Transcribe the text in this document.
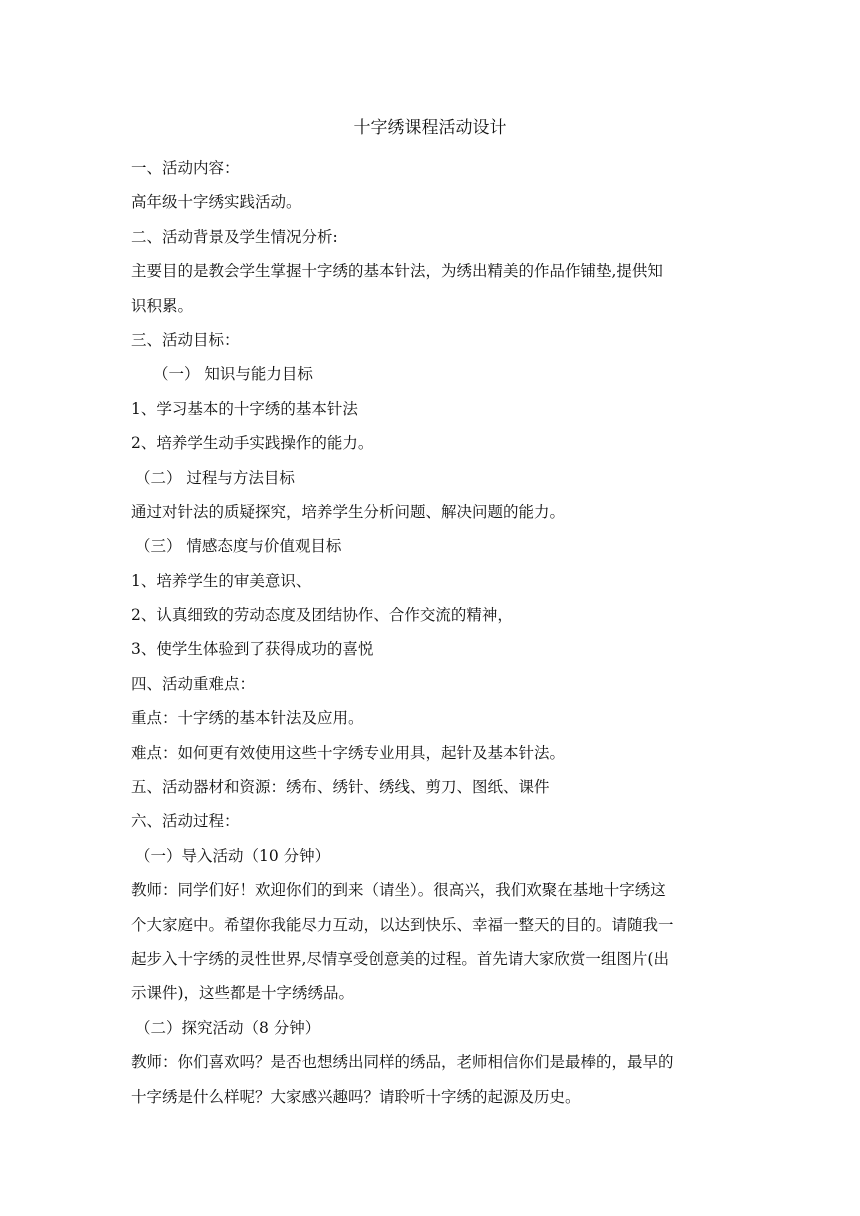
十字绣课程活动设计
一、活动内容：
高年级十字绣实践活动。
二、活动背景及学生情况分析:
主要目的是教会学生掌握十字绣的基本针法，为绣出精美的作品作铺垫,提供知
识积累。
三、活动目标：
（一） 知识与能力目标
1、学习基本的十字绣的基本针法
2、培养学生动手实践操作的能力。
（二） 过程与方法目标
通过对针法的质疑探究，培养学生分析问题、解决问题的能力。
（三） 情感态度与价值观目标
1、培养学生的审美意识、
2、认真细致的劳动态度及团结协作、合作交流的精神，
3、使学生体验到了获得成功的喜悦
四、活动重难点：
重点：十字绣的基本针法及应用。
难点：如何更有效使用这些十字绣专业用具，起针及基本针法。
五、活动器材和资源：绣布、绣针、绣线、剪刀、图纸、课件
六、活动过程：
（一）导入活动（10 分钟）
教师：同学们好！欢迎你们的到来（请坐）。很高兴，我们欢聚在基地十字绣这
个大家庭中。希望你我能尽力互动，以达到快乐、幸福一整天的目的。请随我一
起步入十字绣的灵性世界,尽情享受创意美的过程。首先请大家欣赏一组图片(出
示课件)，这些都是十字绣绣品。
（二）探究活动（8 分钟）
教师：你们喜欢吗？是否也想绣出同样的绣品，老师相信你们是最棒的，最早的
十字绣是什么样呢？大家感兴趣吗？请聆听十字绣的起源及历史。
